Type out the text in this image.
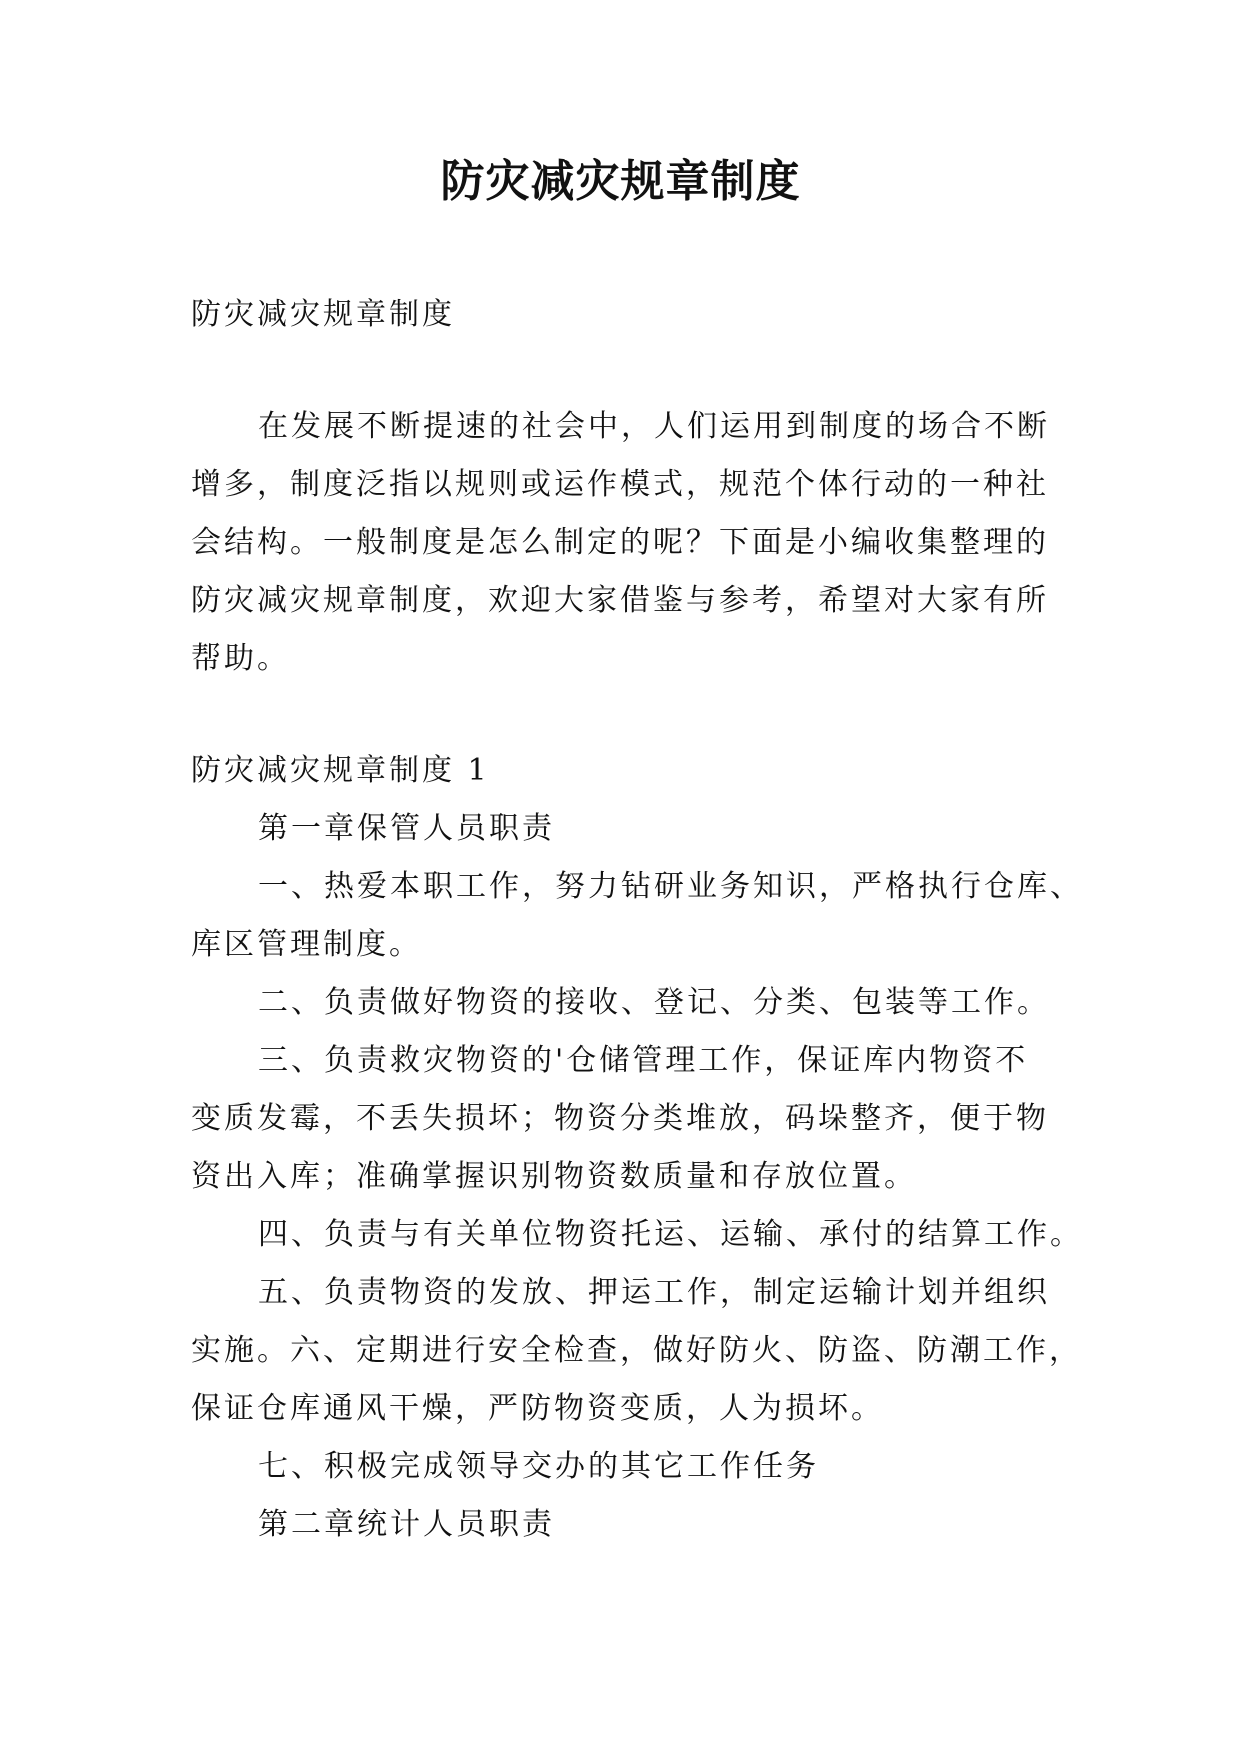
防灾减灾规章制度
防灾减灾规章制度
在发展不断提速的社会中，人们运用到制度的场合不断
增多，制度泛指以规则或运作模式，规范个体行动的一种社
会结构。一般制度是怎么制定的呢？下面是小编收集整理的
防灾减灾规章制度，欢迎大家借鉴与参考，希望对大家有所
帮助。
防灾减灾规章制度 1
第一章保管人员职责
一、热爱本职工作，努力钻研业务知识，严格执行仓库、
库区管理制度。
二、负责做好物资的接收、登记、分类、包装等工作。
三、负责救灾物资的'仓储管理工作，保证库内物资不
变质发霉，不丢失损坏；物资分类堆放，码垛整齐，便于物
资出入库；准确掌握识别物资数质量和存放位置。
四、负责与有关单位物资托运、运输、承付的结算工作。
五、负责物资的发放、押运工作，制定运输计划并组织
实施。六、定期进行安全检查，做好防火、防盗、防潮工作，
保证仓库通风干燥，严防物资变质，人为损坏。
七、积极完成领导交办的其它工作任务
第二章统计人员职责
